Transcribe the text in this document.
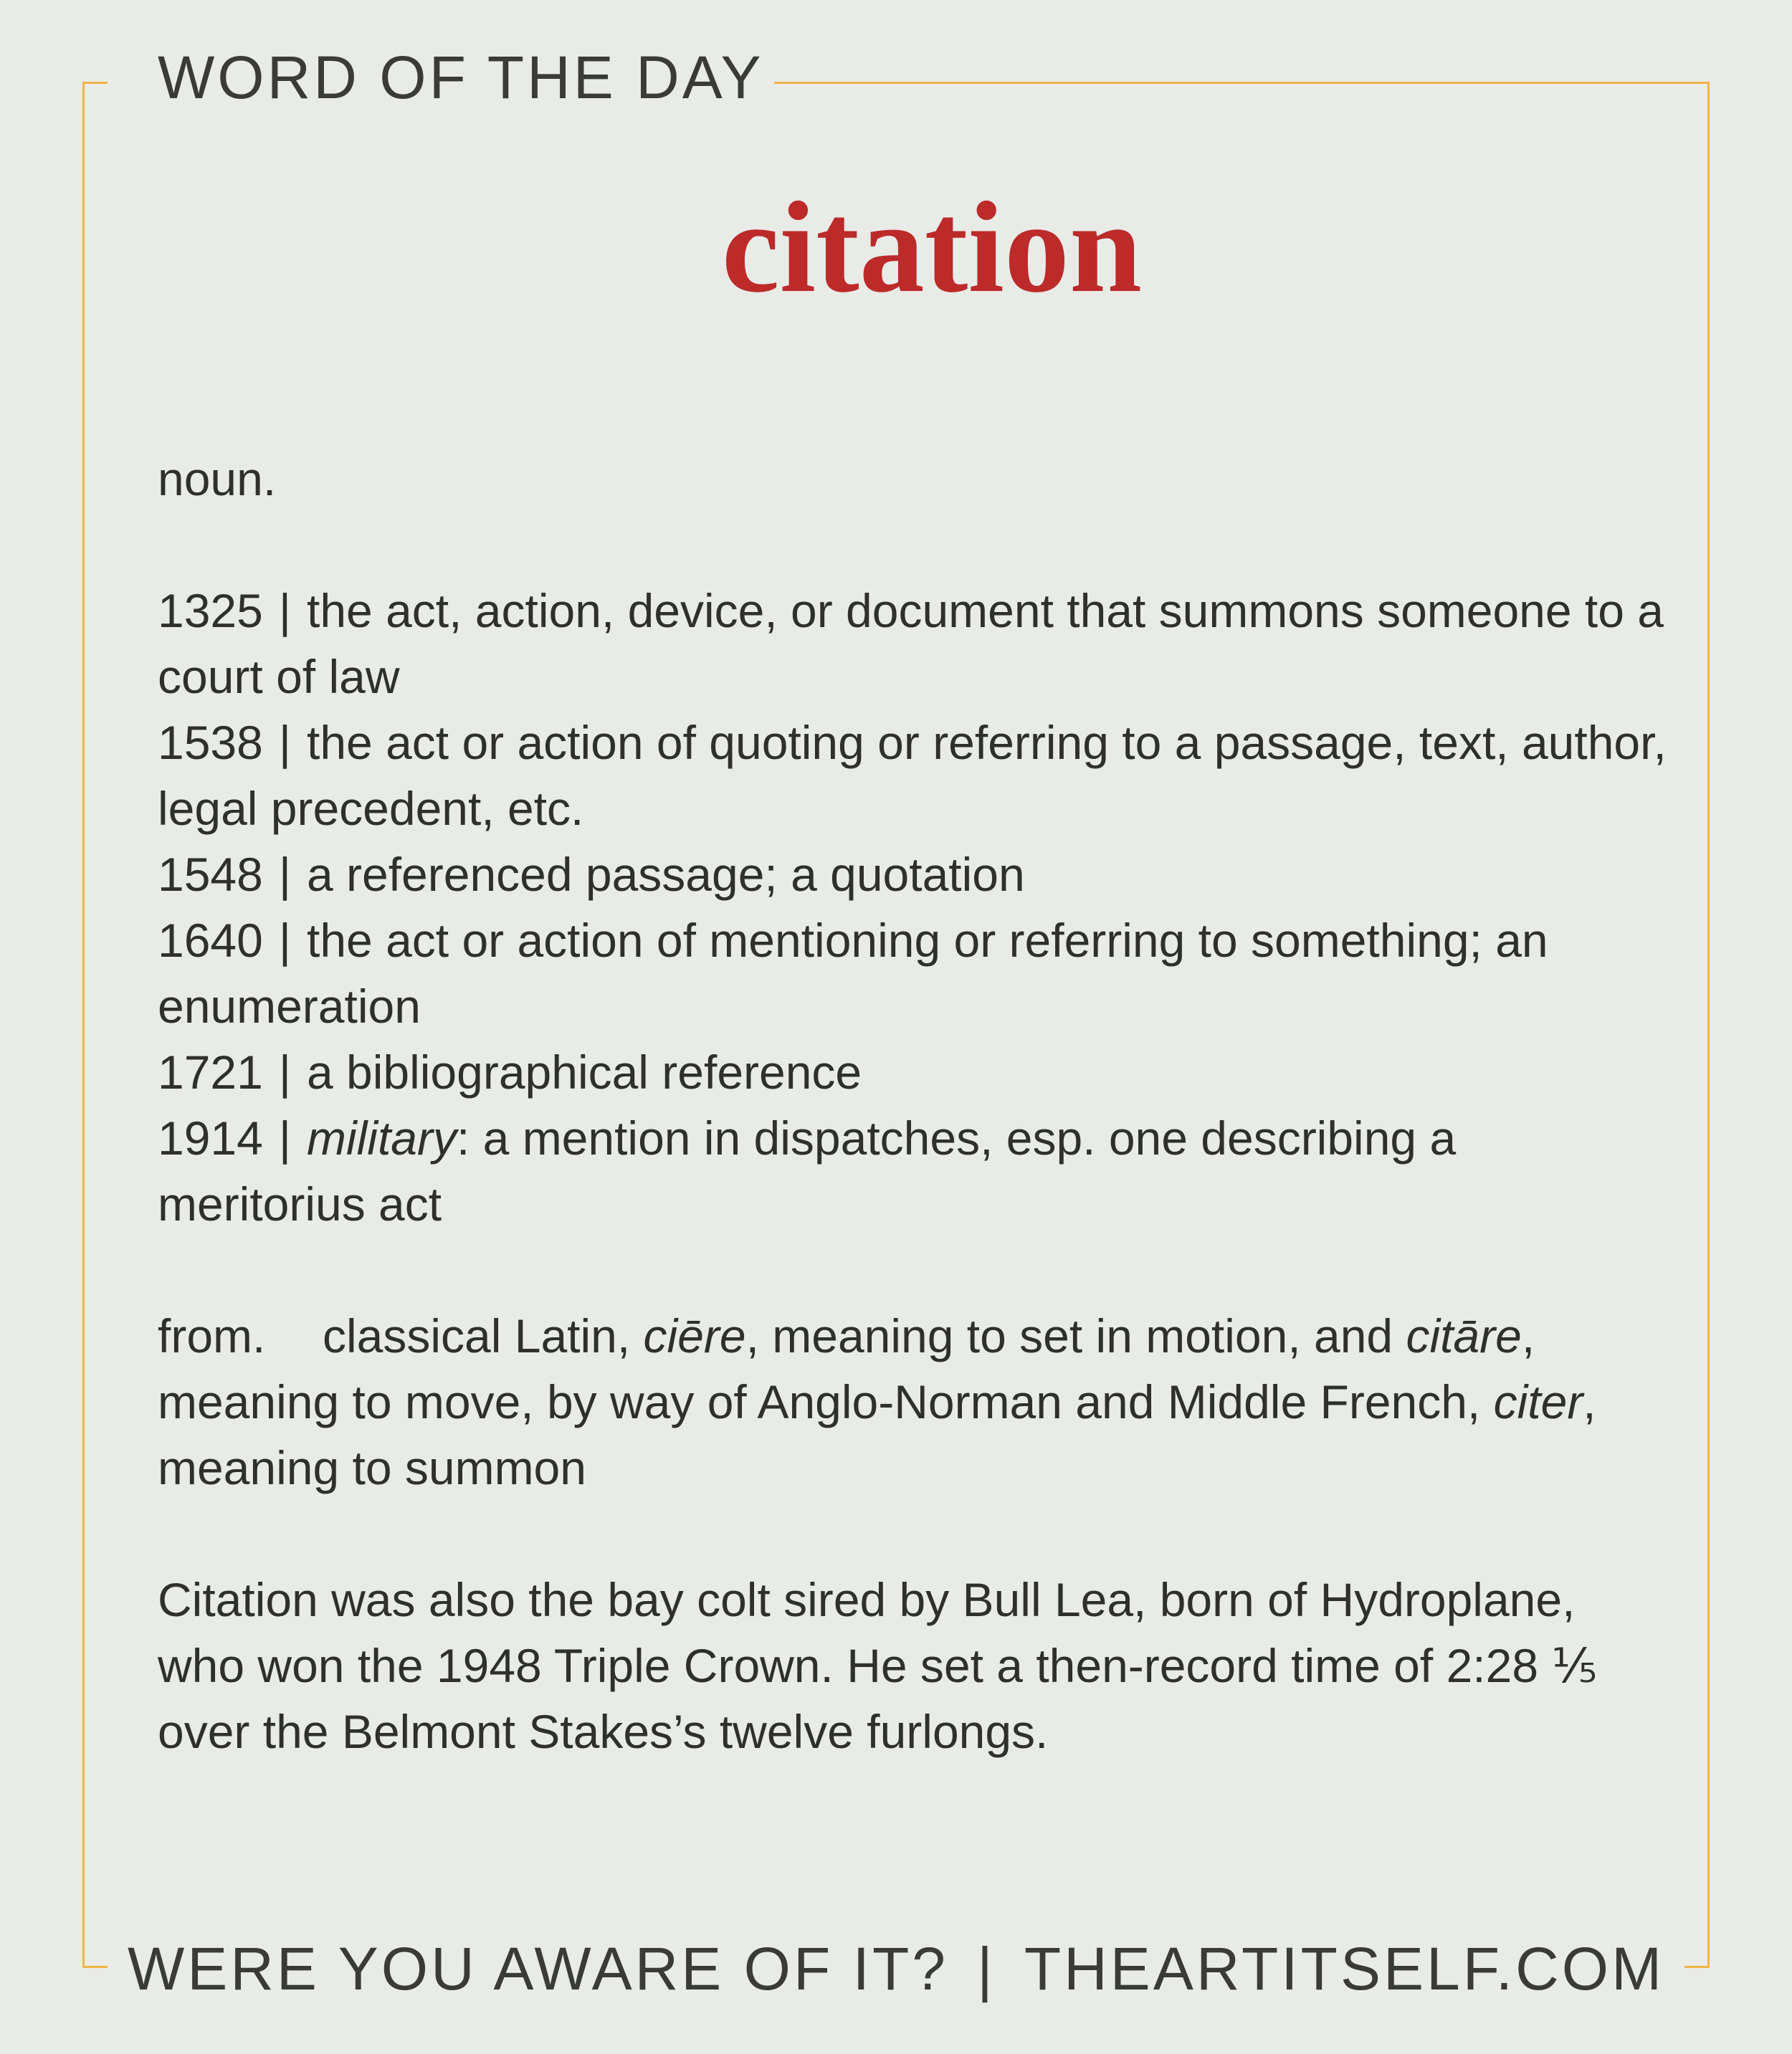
WORD OF THE DAY
citation

noun.

1325 | the act, action, device, or document that summons someone to a court of law

1538 | the act or action of quoting or referring to a passage, text, author, legal precedent, etc.

1548 | a referenced passage; a quotation

1640 | the act or action of mentioning or referring to something; an enumeration

1721 | a bibliographical reference

1914 | military: a mention in dispatches, esp. one describing a meritorius act

from. classical Latin, ciēre, meaning to set in motion, and citāre, meaning to move, by way of Anglo-Norman and Middle French, citer, meaning to summon

Citation was also the bay colt sired by Bull Lea, born of Hydroplane, who won the 1948 Triple Crown. He set a then-record time of 2:28 ⅕ over the Belmont Stakes’s twelve furlongs.

WERE YOU AWARE OF IT? | THEARTITSELF.COM
